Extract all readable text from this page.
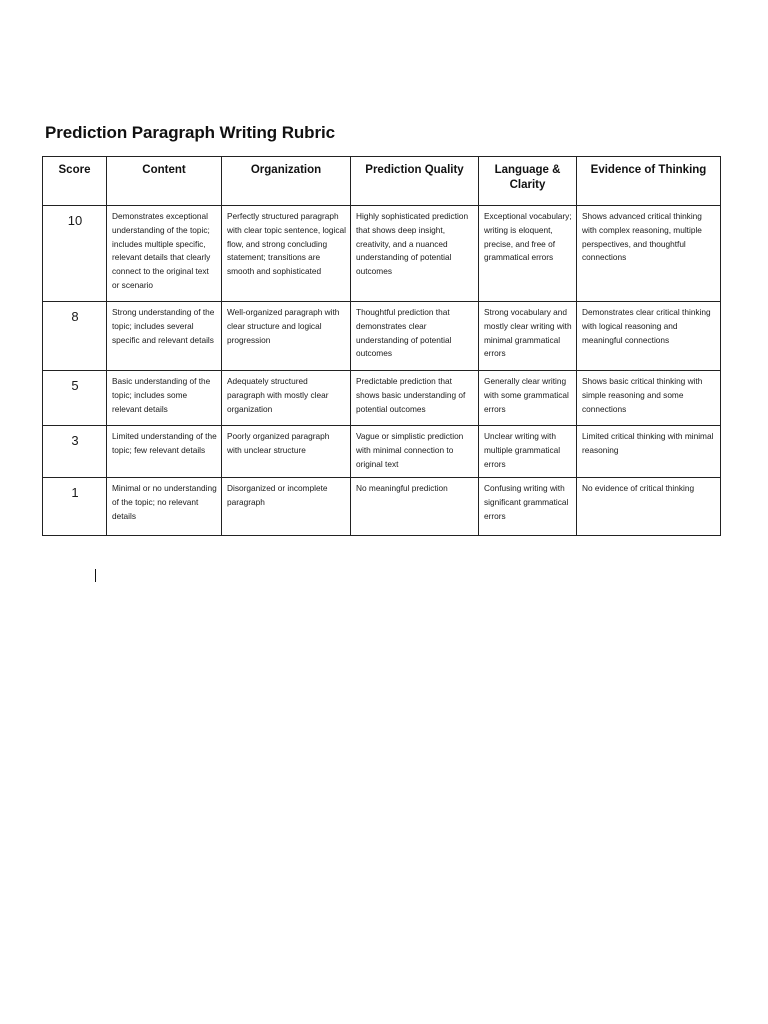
Prediction Paragraph Writing Rubric
Score	Content	Organization	Prediction Quality	Language & Clarity	Evidence of Thinking
10	Demonstrates exceptional understanding of the topic; includes multiple specific, relevant details that clearly connect to the original text or scenario	Perfectly structured paragraph with clear topic sentence, logical flow, and strong concluding statement; transitions are smooth and sophisticated	Highly sophisticated prediction that shows deep insight, creativity, and a nuanced understanding of potential outcomes	Exceptional vocabulary; writing is eloquent, precise, and free of grammatical errors	Shows advanced critical thinking with complex reasoning, multiple perspectives, and thoughtful connections
8	Strong understanding of the topic; includes several specific and relevant details	Well-organized paragraph with clear structure and logical progression	Thoughtful prediction that demonstrates clear understanding of potential outcomes	Strong vocabulary and mostly clear writing with minimal grammatical errors	Demonstrates clear critical thinking with logical reasoning and meaningful connections
5	Basic understanding of the topic; includes some relevant details	Adequately structured paragraph with mostly clear organization	Predictable prediction that shows basic understanding of potential outcomes	Generally clear writing with some grammatical errors	Shows basic critical thinking with simple reasoning and some connections
3	Limited understanding of the topic; few relevant details	Poorly organized paragraph with unclear structure	Vague or simplistic prediction with minimal connection to original text	Unclear writing with multiple grammatical errors	Limited critical thinking with minimal reasoning
1	Minimal or no understanding of the topic; no relevant details	Disorganized or incomplete paragraph	No meaningful prediction	Confusing writing with significant grammatical errors	No evidence of critical thinking
